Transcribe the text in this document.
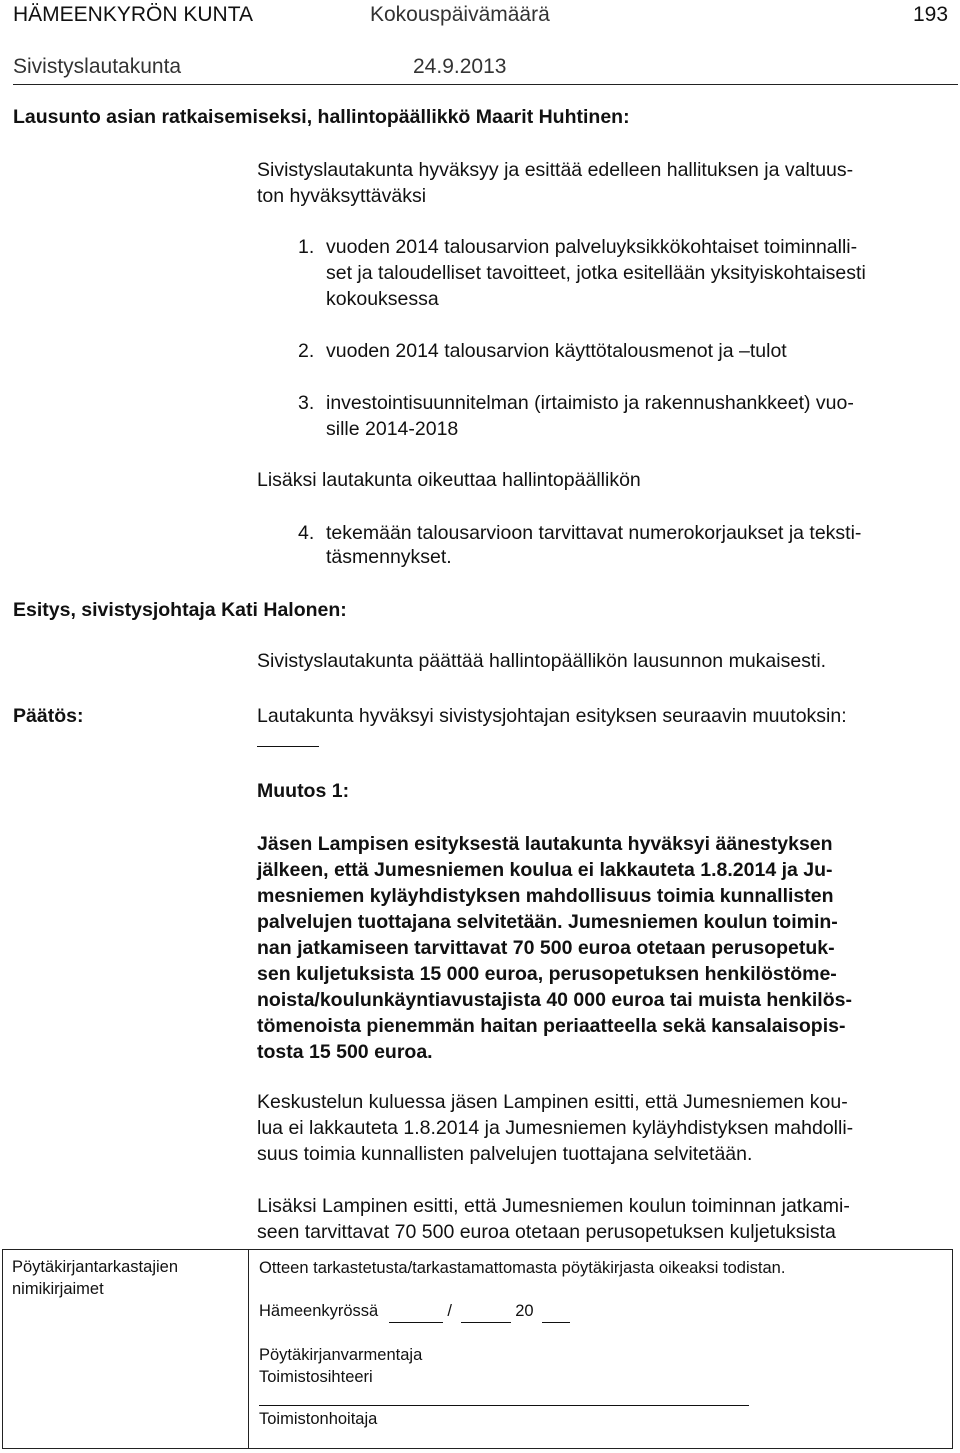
HÄMEENKYRÖN KUNTA	Kokouspäivämäärä	193
Sivistyslautakunta	24.9.2013
Lausunto asian ratkaisemiseksi, hallintopäällikkö Maarit Huhtinen:
Sivistyslautakunta hyväksyy ja esittää edelleen hallituksen ja valtuus-
ton hyväksyttäväksi
1. vuoden 2014 talousarvion palveluyksikkökohtaiset toiminnalli-
set ja taloudelliset tavoitteet, jotka esitellään yksityiskohtaisesti
kokouksessa
2. vuoden 2014 talousarvion käyttötalousmenot ja –tulot
3. investointisuunnitelman (irtaimisto ja rakennushankkeet) vuo-
sille 2014-2018
Lisäksi lautakunta oikeuttaa hallintopäällikön
4. tekemään talousarvioon tarvittavat numerokorjaukset ja teksti-
täsmennykset.
Esitys, sivistysjohtaja Kati Halonen:
Sivistyslautakunta päättää hallintopäällikön lausunnon mukaisesti.
Päätös:	Lautakunta hyväksyi sivistysjohtajan esityksen seuraavin muutoksin:
Muutos 1:
Jäsen Lampisen esityksestä lautakunta hyväksyi äänestyksen
jälkeen, että Jumesniemen koulua ei lakkauteta 1.8.2014 ja Ju-
mesniemen kyläyhdistyksen mahdollisuus toimia kunnallisten
palvelujen tuottajana selvitetään. Jumesniemen koulun toimin-
nan jatkamiseen tarvittavat 70 500 euroa otetaan perusopetuk-
sen kuljetuksista 15 000 euroa, perusopetuksen henkilöstöme-
noista/koulunkäyntiavustajista 40 000 euroa tai muista henkilös-
tömenoista pienemmän haitan periaatteella sekä kansalaisopis-
tosta 15 500 euroa.
Keskustelun kuluessa jäsen Lampinen esitti, että Jumesniemen kou-
lua ei lakkauteta 1.8.2014 ja Jumesniemen kyläyhdistyksen mahdolli-
suus toimia kunnallisten palvelujen tuottajana selvitetään.
Lisäksi Lampinen esitti, että Jumesniemen koulun toiminnan jatkami-
seen tarvittavat 70 500 euroa otetaan perusopetuksen kuljetuksista
Pöytäkirjantarkastajien
nimikirjaimet
Otteen tarkastetusta/tarkastamattomasta pöytäkirjasta oikeaksi todistan.
Hämeenkyrössä	/	20
Pöytäkirjanvarmentaja
Toimistosihteeri
Toimistonhoitaja
